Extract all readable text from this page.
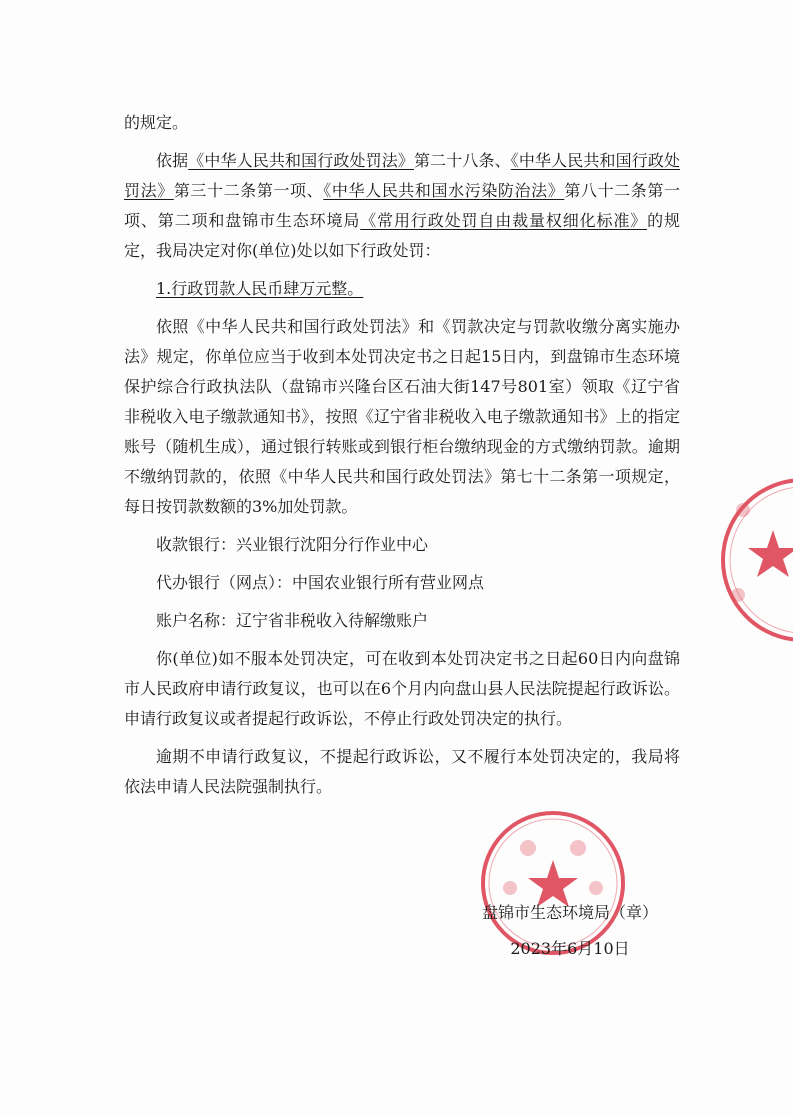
的规定。

依据《中华人民共和国行政处罚法》第二十八条、《中华人民共和国行政处罚法》第三十二条第一项、《中华人民共和国水污染防治法》第八十二条第一项、第二项和盘锦市生态环境局《常用行政处罚自由裁量权细化标准》的规定，我局决定对你(单位)处以如下行政处罚：

1.行政罚款人民币肆万元整。

依照《中华人民共和国行政处罚法》和《罚款决定与罚款收缴分离实施办法》规定，你单位应当于收到本处罚决定书之日起15日内，到盘锦市生态环境保护综合行政执法队（盘锦市兴隆台区石油大街147号801室）领取《辽宁省非税收入电子缴款通知书》，按照《辽宁省非税收入电子缴款通知书》上的指定账号（随机生成），通过银行转账或到银行柜台缴纳现金的方式缴纳罚款。逾期不缴纳罚款的，依照《中华人民共和国行政处罚法》第七十二条第一项规定，每日按罚款数额的3%加处罚款。

收款银行：兴业银行沈阳分行作业中心

代办银行（网点）：中国农业银行所有营业网点

账户名称：辽宁省非税收入待解缴账户

你(单位)如不服本处罚决定，可在收到本处罚决定书之日起60日内向盘锦市人民政府申请行政复议，也可以在6个月内向盘山县人民法院提起行政诉讼。申请行政复议或者提起行政诉讼，不停止行政处罚决定的执行。

逾期不申请行政复议，不提起行政诉讼，又不履行本处罚决定的，我局将依法申请人民法院强制执行。

盘锦市生态环境局（章）
2023年6月10日
